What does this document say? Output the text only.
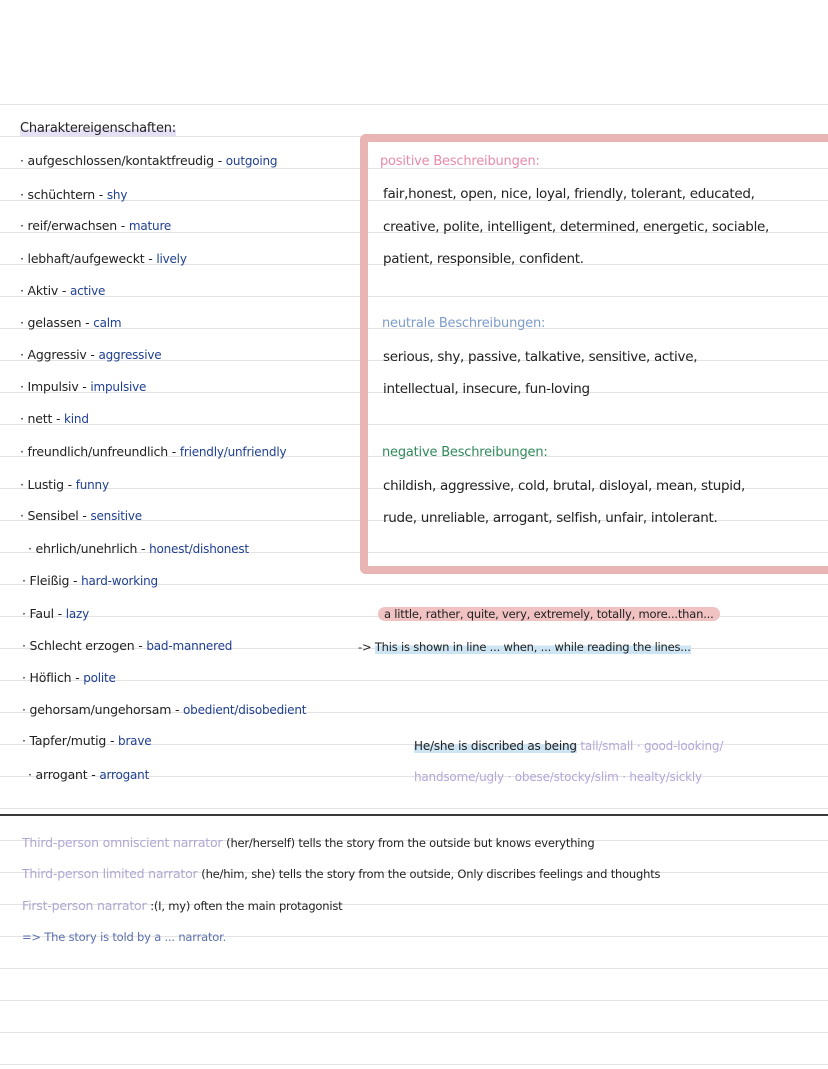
Charaktereigenschaften:
· aufgeschlossen/kontaktfreudig - outgoing
· schüchtern - shy
· reif/erwachsen - mature
· lebhaft/aufgeweckt - lively
· Aktiv - active
· gelassen - calm
· Aggressiv - aggressive
· Impulsiv - impulsive
· nett - kind
· freundlich/unfreundlich - friendly/unfriendly
· Lustig - funny
· Sensibel - sensitive
· ehrlich/unehrlich - honest/dishonest
· Fleißig - hard-working
· Faul - lazy
· Schlecht erzogen - bad-mannered
· Höflich - polite
· gehorsam/ungehorsam - obedient/disobedient
· Tapfer/mutig - brave
· arrogant - arrogant
positive Beschreibungen:
fair,honest, open, nice, loyal, friendly, tolerant, educated,
creative, polite, intelligent, determined, energetic, sociable,
patient, responsible, confident.
neutrale Beschreibungen:
serious, shy, passive, talkative, sensitive, active,
intellectual, insecure, fun-loving
negative Beschreibungen:
childish, aggressive, cold, brutal, disloyal, mean, stupid,
rude, unreliable, arrogant, selfish, unfair, intolerant.
a little, rather, quite, very, extremely, totally, more...than...
-> This is shown in line ... when, ... while reading the lines...
He/she is discribed as being tall/small · good-looking/
handsome/ugly · obese/stocky/slim · healty/sickly
Third-person omniscient narrator (her/herself) tells the story from the outside but knows everything
Third-person limited narrator (he/him, she) tells the story from the outside, Only discribes feelings and thoughts
First-person narrator :(I, my) often the main protagonist
=> The story is told by a ... narrator.
